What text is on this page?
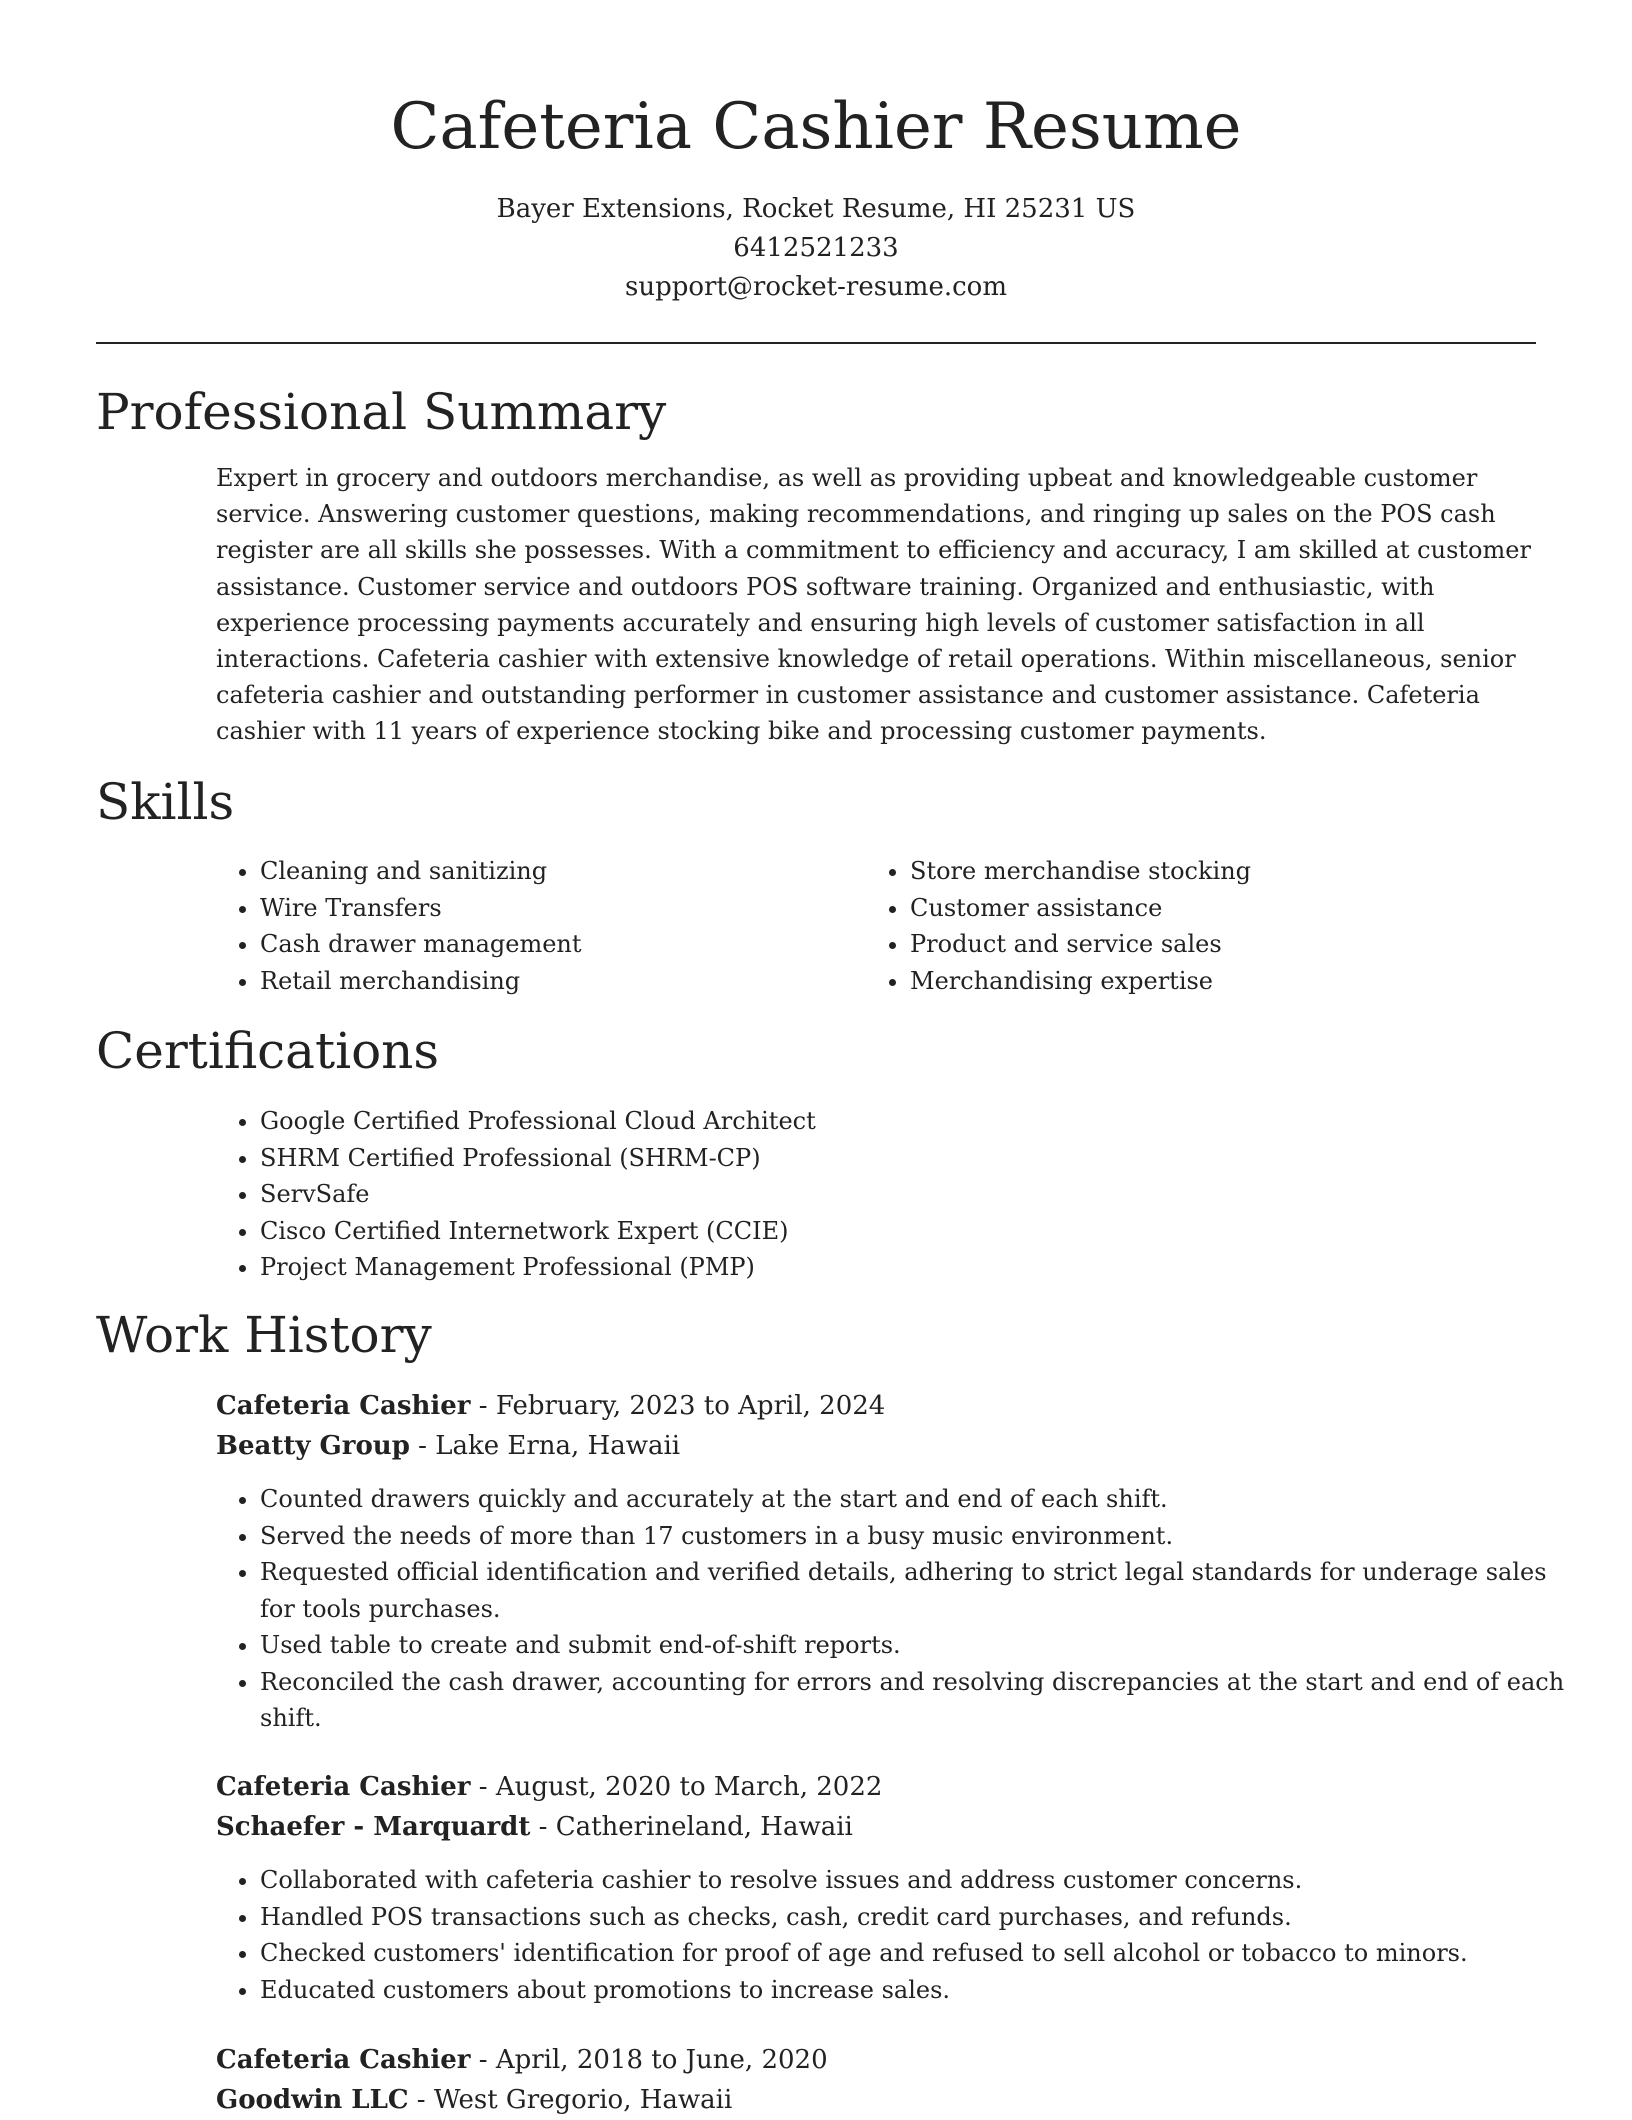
Cafeteria Cashier Resume
Bayer Extensions, Rocket Resume, HI 25231 US
6412521233
support@rocket-resume.com
Professional Summary

Expert in grocery and outdoors merchandise, as well as providing upbeat and knowledgeable customer service. Answering customer questions, making recommendations, and ringing up sales on the POS cash register are all skills she possesses. With a commitment to efficiency and accuracy, I am skilled at customer assistance. Customer service and outdoors POS software training. Organized and enthusiastic, with experience processing payments accurately and ensuring high levels of customer satisfaction in all interactions. Cafeteria cashier with extensive knowledge of retail operations. Within miscellaneous, senior cafeteria cashier and outstanding performer in customer assistance and customer assistance. Cafeteria cashier with 11 years of experience stocking bike and processing customer payments.

Skills
• Cleaning and sanitizing
• Wire Transfers
• Cash drawer management
• Retail merchandising
• Store merchandise stocking
• Customer assistance
• Product and service sales
• Merchandising expertise
Certifications
• Google Certified Professional Cloud Architect
• SHRM Certified Professional (SHRM-CP)
• ServSafe
• Cisco Certified Internetwork Expert (CCIE)
• Project Management Professional (PMP)
Work History
Cafeteria Cashier - February, 2023 to April, 2024
Beatty Group - Lake Erna, Hawaii
• Counted drawers quickly and accurately at the start and end of each shift.
• Served the needs of more than 17 customers in a busy music environment.
• Requested official identification and verified details, adhering to strict legal standards for underage sales for tools purchases.
• Used table to create and submit end-of-shift reports.
• Reconciled the cash drawer, accounting for errors and resolving discrepancies at the start and end of each shift.
Cafeteria Cashier - August, 2020 to March, 2022
Schaefer - Marquardt - Catherineland, Hawaii
• Collaborated with cafeteria cashier to resolve issues and address customer concerns.
• Handled POS transactions such as checks, cash, credit card purchases, and refunds.
• Checked customers' identification for proof of age and refused to sell alcohol or tobacco to minors.
• Educated customers about promotions to increase sales.
Cafeteria Cashier - April, 2018 to June, 2020
Goodwin LLC - West Gregorio, Hawaii
